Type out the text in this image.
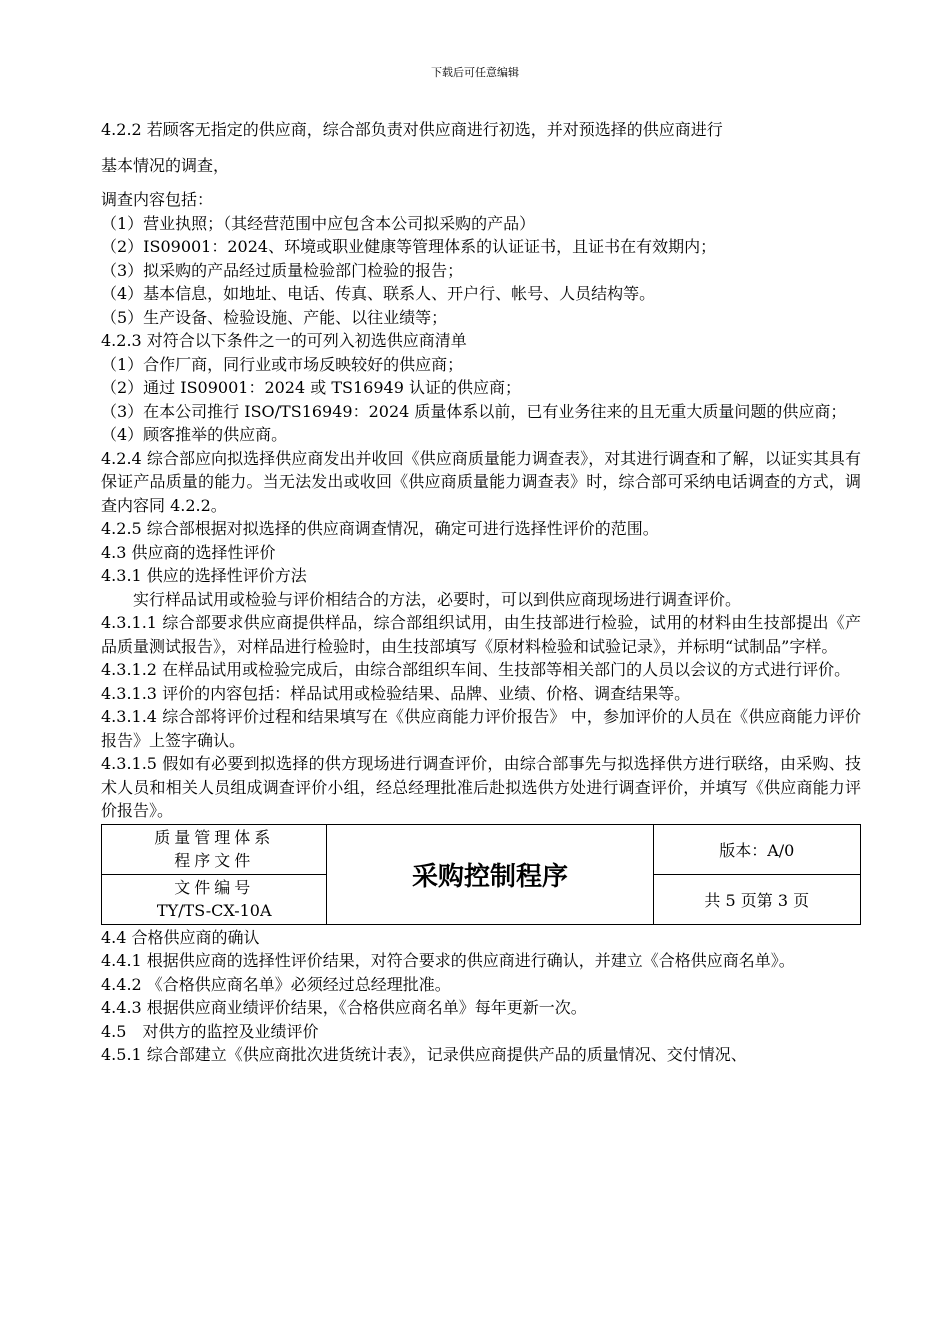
下载后可任意编辑

4.2.2 若顾客无指定的供应商，综合部负责对供应商进行初选，并对预选择的供应商进行

基本情况的调查，

调查内容包括：

（1）营业执照；（其经营范围中应包含本公司拟采购的产品）

（2）IS09001：2024、环境或职业健康等管理体系的认证证书，且证书在有效期内；

（3）拟采购的产品经过质量检验部门检验的报告；

（4）基本信息，如地址、电话、传真、联系人、开户行、帐号、人员结构等。

（5）生产设备、检验设施、产能、以往业绩等；

4.2.3 对符合以下条件之一的可列入初选供应商清单

（1）合作厂商，同行业或市场反映较好的供应商；

（2）通过 IS09001：2024 或 TS16949 认证的供应商；

（3）在本公司推行 ISO/TS16949：2024 质量体系以前，已有业务往来的且无重大质量问题的供应商；

（4）顾客推举的供应商。

4.2.4 综合部应向拟选择供应商发出并收回《供应商质量能力调查表》，对其进行调查和了解，以证实其具有保证产品质量的能力。当无法发出或收回《供应商质量能力调查表》时，综合部可采纳电话调查的方式，调查内容同 4.2.2。

4.2.5 综合部根据对拟选择的供应商调查情况，确定可进行选择性评价的范围。

4.3 供应商的选择性评价

4.3.1 供应的选择性评价方法

实行样品试用或检验与评价相结合的方法，必要时，可以到供应商现场进行调查评价。

4.3.1.1 综合部要求供应商提供样品，综合部组织试用，由生技部进行检验，试用的材料由生技部提出《产品质量测试报告》，对样品进行检验时，由生技部填写《原材料检验和试验记录》，并标明“试制品”字样。

4.3.1.2 在样品试用或检验完成后，由综合部组织车间、生技部等相关部门的人员以会议的方式进行评价。

4.3.1.3 评价的内容包括：样品试用或检验结果、品牌、业绩、价格、调查结果等。

4.3.1.4 综合部将评价过程和结果填写在《供应商能力评价报告》 中，参加评价的人员在《供应商能力评价报告》上签字确认。

4.3.1.5 假如有必要到拟选择的供方现场进行调查评价，由综合部事先与拟选择供方进行联络，由采购、技术人员和相关人员组成调查评价小组，经总经理批准后赴拟选供方处进行调查评价，并填写《供应商能力评价报告》。

质量管理体系
程序文件	采购控制程序	版本：A/0

文件编号
TY/TS-CX-10A		共 5 页第 3 页

4.4 合格供应商的确认

4.4.1 根据供应商的选择性评价结果，对符合要求的供应商进行确认，并建立《合格供应商名单》。

4.4.2 《合格供应商名单》必须经过总经理批准。

4.4.3 根据供应商业绩评价结果，《合格供应商名单》每年更新一次。

4.5　对供方的监控及业绩评价

4.5.1 综合部建立《供应商批次进货统计表》，记录供应商提供产品的质量情况、交付情况、
